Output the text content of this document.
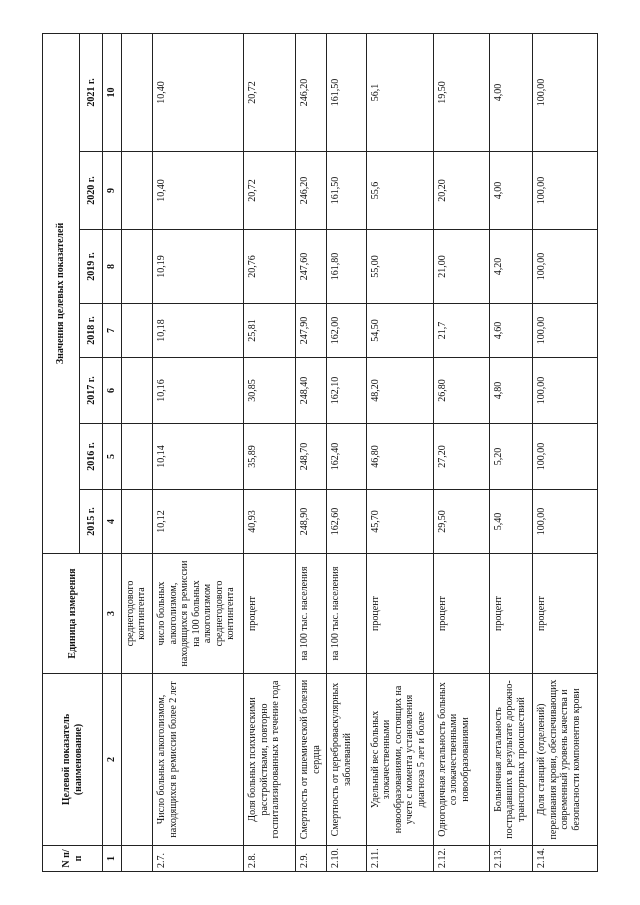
N п/п	Целевой показатель (наименование)	Единица измерения	Значения целевых показателей						
			2015 г.	2016 г.	2017 г.	2018 г.	2019 г.	2020 г.	2021 г.
1	2	3	4	5	6	7	8	9	10
		среднегодового контингента							
2.7.	Число больных алкоголизмом, находящихся в ремиссии более 2 лет	число больных алкоголизмом, находящихся в ремиссии на 100 больных алкоголизмом среднегодового контингента	10,12	10,14	10,16	10,18	10,19	10,40	10,40
2.8.	Доля больных психическими расстройствами, повторно госпитализированных в течение года	процент	40,93	35,89	30,85	25,81	20,76	20,72	20,72
2.9.	Смертность от ишемической болезни сердца	на 100 тыс. населения	248,90	248,70	248,40	247,90	247,60	246,20	246,20
2.10.	Смертность от цереброваскулярных заболеваний	на 100 тыс. населения	162,60	162,40	162,10	162,00	161,80	161,50	161,50
2.11.	Удельный вес больных злокачественными новообразованиями, состоящих на учете с момента установления диагноза 5 лет и более	процент	45,70	46,80	48,20	54,50	55,00	55,6	56,1
2.12.	Одногодичная летальность больных со злокачественными новообразованиями	процент	29,50	27,20	26,80	21,7	21,00	20,20	19,50
2.13.	Больничная летальность пострадавших в результате дорожно-транспортных происшествий	процент	5,40	5,20	4,80	4,60	4,20	4,00	4,00
2.14.	Доля станций (отделений) переливания крови, обеспечивающих современный уровень качества и безопасности компонентов крови	процент	100,00	100,00	100,00	100,00	100,00	100,00	100,00
